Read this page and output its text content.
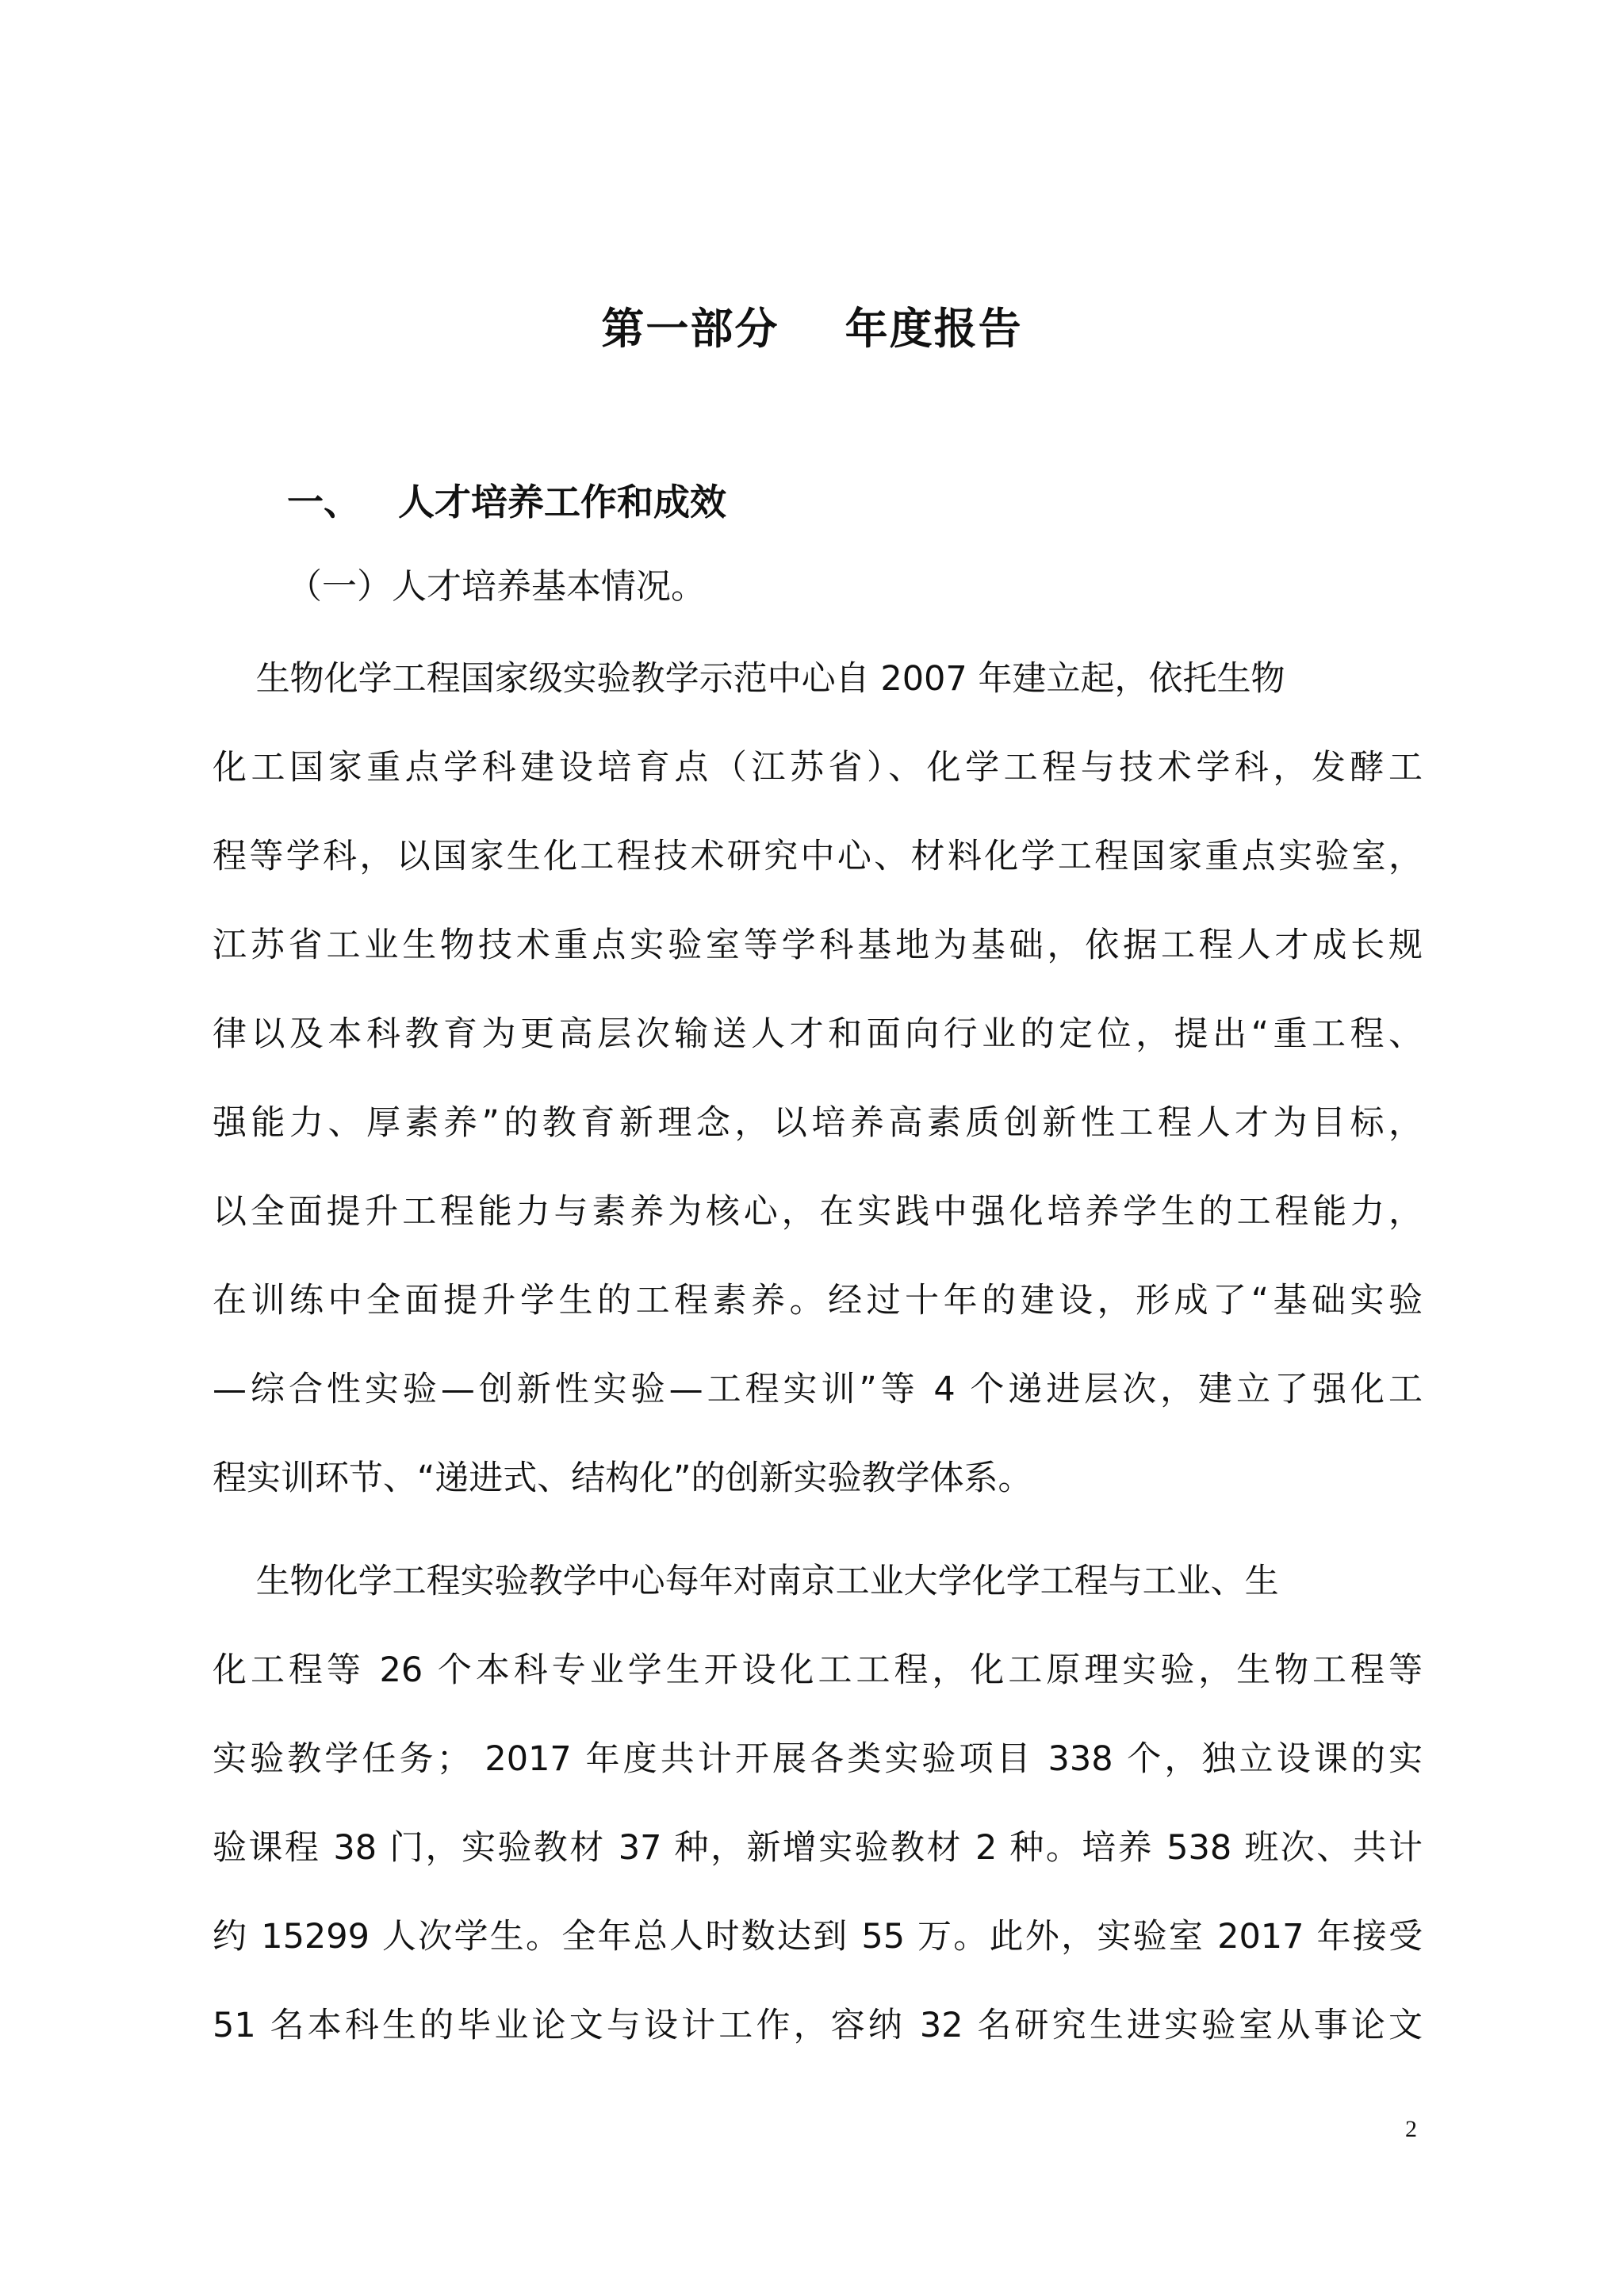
第一部分    年度报告
一、   人才培养工作和成效
（一）人才培养基本情况。
生物化学工程国家级实验教学示范中心自 2007 年建立起，依托生物
化工国家重点学科建设培育点（江苏省）、化学工程与技术学科，发酵工
程等学科，以国家生化工程技术研究中心、材料化学工程国家重点实验室，
江苏省工业生物技术重点实验室等学科基地为基础，依据工程人才成长规
律以及本科教育为更高层次输送人才和面向行业的定位，提出“重工程、
强能力、厚素养”的教育新理念，以培养高素质创新性工程人才为目标，
以全面提升工程能力与素养为核心，在实践中强化培养学生的工程能力，
在训练中全面提升学生的工程素养。经过十年的建设，形成了“基础实验
—综合性实验—创新性实验—工程实训”等 4 个递进层次，建立了强化工
程实训环节、“递进式、结构化”的创新实验教学体系。
生物化学工程实验教学中心每年对南京工业大学化学工程与工业、生
化工程等 26 个本科专业学生开设化工工程，化工原理实验，生物工程等
实验教学任务； 2017 年度共计开展各类实验项目 338 个，独立设课的实
验课程 38 门，实验教材 37 种，新增实验教材 2 种。培养 538 班次、共计
约 15299 人次学生。全年总人时数达到 55 万。此外，实验室 2017 年接受
51 名本科生的毕业论文与设计工作，容纳 32 名研究生进实验室从事论文
2
